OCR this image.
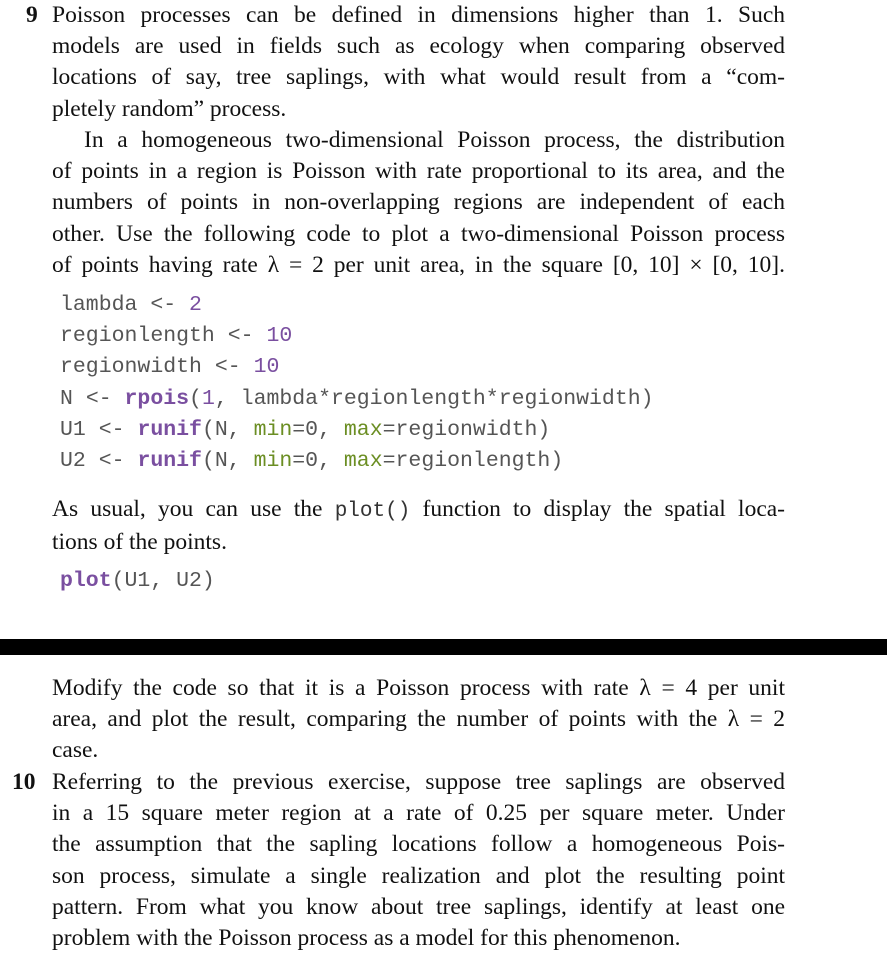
9 Poisson processes can be defined in dimensions higher than 1. Such
models are used in fields such as ecology when comparing observed
locations of say, tree saplings, with what would result from a “com-
pletely random” process.
In a homogeneous two-dimensional Poisson process, the distribution
of points in a region is Poisson with rate proportional to its area, and the
numbers of points in non-overlapping regions are independent of each
other. Use the following code to plot a two-dimensional Poisson process
of points having rate λ = 2 per unit area, in the square [0, 10] × [0, 10].
lambda <- 2
regionlength <- 10
regionwidth <- 10
N <- rpois(1, lambda*regionlength*regionwidth)
U1 <- runif(N, min=0, max=regionwidth)
U2 <- runif(N, min=0, max=regionlength)
As usual, you can use the plot() function to display the spatial loca-
tions of the points.
plot(U1, U2)
Modify the code so that it is a Poisson process with rate λ = 4 per unit
area, and plot the result, comparing the number of points with the λ = 2
case.
10 Referring to the previous exercise, suppose tree saplings are observed
in a 15 square meter region at a rate of 0.25 per square meter. Under
the assumption that the sapling locations follow a homogeneous Pois-
son process, simulate a single realization and plot the resulting point
pattern. From what you know about tree saplings, identify at least one
problem with the Poisson process as a model for this phenomenon.
